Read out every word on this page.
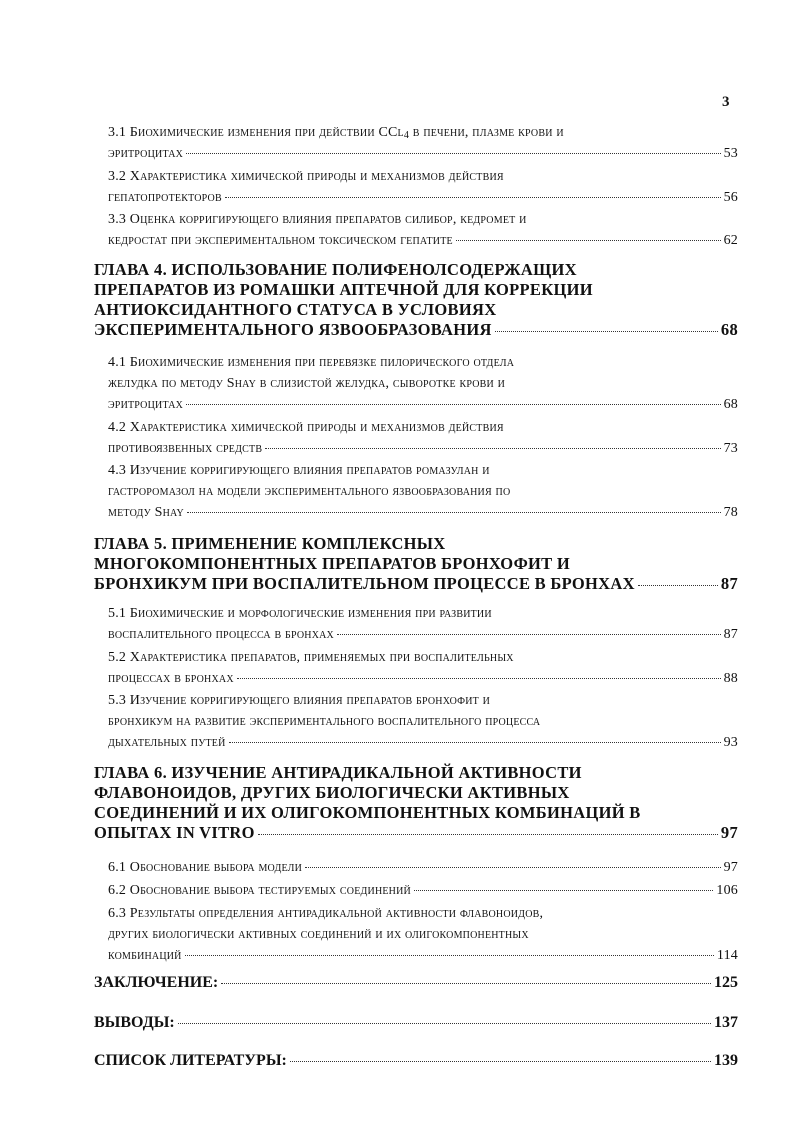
3
3.1 Биохимические изменения при действии CCl$_4$ в печени, плазме крови и
эритроцитах	53
3.2 Характеристика химической природы и механизмов действия
гепатопротекторов	56
3.3 Оценка корригирующего влияния препаратов силибор, кедромет и
кедростат при экспериментальном токсическом гепатите	62
ГЛАВА 4. ИСПОЛЬЗОВАНИЕ ПОЛИФЕНОЛСОДЕРЖАЩИХ
ПРЕПАРАТОВ ИЗ РОМАШКИ АПТЕЧНОЙ ДЛЯ КОРРЕКЦИИ
АНТИОКСИДАНТНОГО СТАТУСА В УСЛОВИЯХ
ЭКСПЕРИМЕНТАЛЬНОГО ЯЗВООБРАЗОВАНИЯ	68
4.1 Биохимические изменения при перевязке пилорического отдела
желудка по методу Shay в слизистой желудка, сыворотке крови и
эритроцитах	68
4.2 Характеристика химической природы и механизмов действия
противоязвенных средств	73
4.3 Изучение корригирующего влияния препаратов ромазулан и
гастроромазол на модели экспериментального язвообразования по
методу Shay	78
ГЛАВА 5. ПРИМЕНЕНИЕ КОМПЛЕКСНЫХ
МНОГОКОМПОНЕНТНЫХ ПРЕПАРАТОВ БРОНХОФИТ И
БРОНХИКУМ ПРИ ВОСПАЛИТЕЛЬНОМ ПРОЦЕССЕ В БРОНХАХ	87
5.1 Биохимические и морфологические изменения при развитии
воспалительного процесса в бронхах	87
5.2 Характеристика препаратов, применяемых при воспалительных
процессах в бронхах	88
5.3 Изучение корригирующего влияния препаратов бронхофит и
бронхикум на развитие экспериментального воспалительного процесса
дыхательных путей	93
ГЛАВА 6. ИЗУЧЕНИЕ АНТИРАДИКАЛЬНОЙ АКТИВНОСТИ
ФЛАВОНОИДОВ, ДРУГИХ БИОЛОГИЧЕСКИ АКТИВНЫХ
СОЕДИНЕНИЙ И ИХ ОЛИГОКОМПОНЕНТНЫХ КОМБИНАЦИЙ В
ОПЫТАХ IN VITRO	97
6.1 Обоснование выбора модели	97
6.2 Обоснование выбора тестируемых соединений	106
6.3 Результаты определения антирадикальной активности флавоноидов,
других биологически активных соединений и их олигокомпонентных
комбинаций	114
ЗАКЛЮЧЕНИЕ:	125
ВЫВОДЫ:	137
СПИСОК ЛИТЕРАТУРЫ:	139
